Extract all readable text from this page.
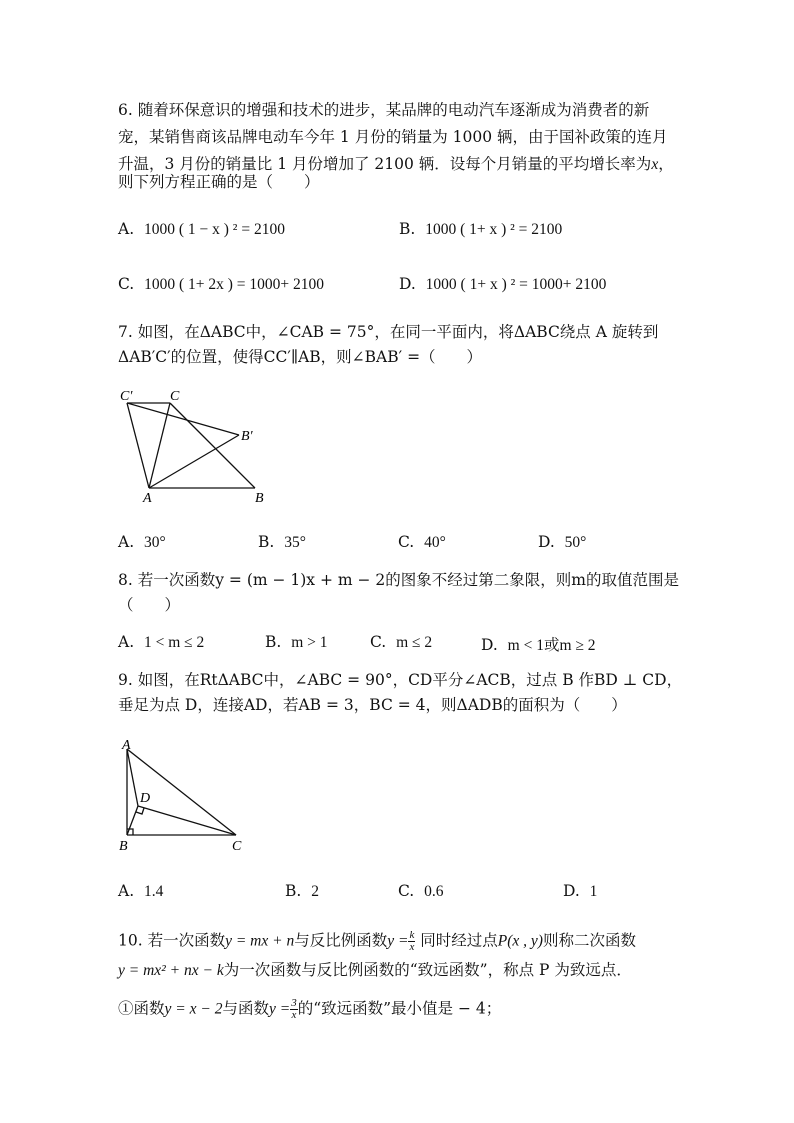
6. 随着环保意识的增强和技术的进步，某品牌的电动汽车逐渐成为消费者的新
宠，某销售商该品牌电动车今年 1 月份的销量为 1000 辆，由于国补政策的连月
升温，3 月份的销量比 1 月份增加了 2100 辆．设每个月销量的平均增长率为x，
则下列方程正确的是（　　）
A. 1000 ( 1 − x ) ² = 2100	B. 1000 ( 1+ x ) ² = 2100
C. 1000 ( 1+ 2x ) = 1000+ 2100	D. 1000 ( 1+ x ) ² = 1000+ 2100
7. 如图，在ΔABC中，∠CAB = 75°，在同一平面内，将ΔABC绕点 A 旋转到
ΔAB′C′的位置，使得CC′∥AB，则∠BAB′ =（　　）
C′	C
B′
A	B
A. 30°	B. 35°	C. 40°	D. 50°
8. 若一次函数y = (m − 1)x + m − 2的图象不经过第二象限，则m的取值范围是
（　　）
A. 1 < m ≤ 2	B. m > 1	C. m ≤ 2	D. m < 1或m ≥ 2
9. 如图，在RtΔABC中，∠ABC = 90°，CD平分∠ACB，过点 B 作BD ⊥ CD，
垂足为点 D，连接AD，若AB = 3，BC = 4，则ΔADB的面积为（　　）
A
D
B	C
A. 1.4	B. 2	C. 0.6	D. 1
10. 若一次函数y = mx + n与反比例函数$y = \frac{k}{x}$ 同时经过点P(x , y)则称二次函数
y = mx² + nx − k为一次函数与反比例函数的“致远函数”，称点 P 为致远点．
①函数y = x − 2与函数$y = \frac{3}{x}$ 的“致远函数”最小值是 − 4；
